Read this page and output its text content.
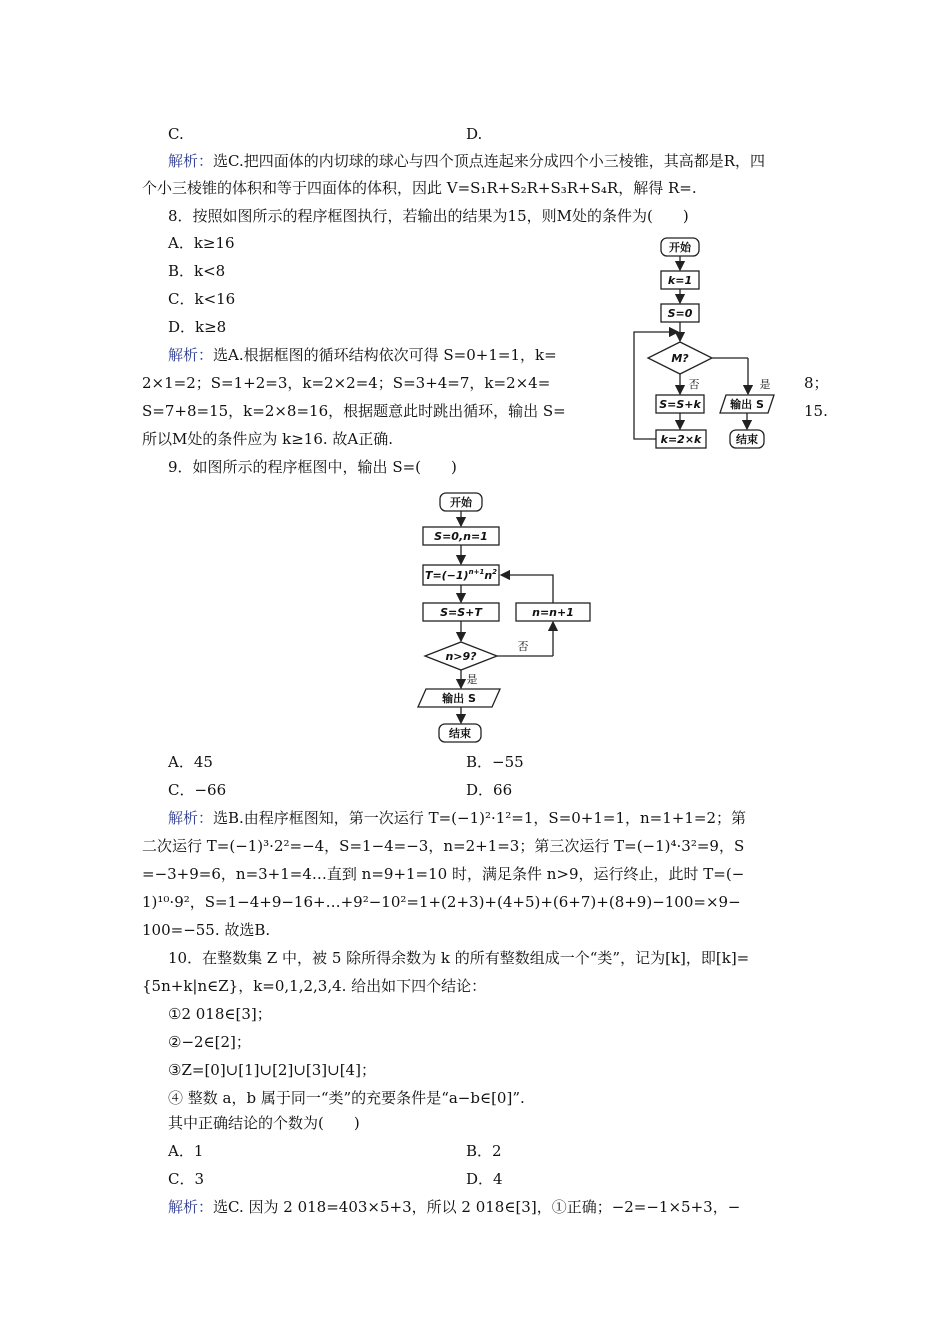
C.	D.
解析：选C.把四面体的内切球的球心与四个顶点连起来分成四个小三棱锥，其高都是R，四
个小三棱锥的体积和等于四面体的体积，因此 V=S₁R+S₂R+S₃R+S₄R，解得 R=.
8．按照如图所示的程序框图执行，若输出的结果为15，则M处的条件为(　　)
A．k≥16
B．k<8
C．k<16
D．k≥8
解析：选A.根据框图的循环结构依次可得 S=0+1=1，k=
2×1=2；S=1+2=3，k=2×2=4；S=3+4=7，k=2×4=	8；
S=7+8=15，k=2×8=16，根据题意此时跳出循环，输出 S=	15.
所以M处的条件应为 k≥16. 故A正确.
开始
k=1
S=0
M?
否	是
S=S+k	输出 S
k=2×k	结束
9．如图所示的程序框图中，输出 S=(　　)
开始
S=0,n=1
$T=(-1)^{n+1}n^2$
S=S+T	n=n+1
n>9?
否
是
输出 S
结束
A．45	B．−55
C．−66	D．66
解析：选B.由程序框图知，第一次运行 T=(−1)²·1²=1，S=0+1=1，n=1+1=2；第
二次运行 T=(−1)³·2²=−4，S=1−4=−3，n=2+1=3；第三次运行 T=(−1)⁴·3²=9，S
=−3+9=6，n=3+1=4…直到 n=9+1=10 时，满足条件 n>9，运行终止，此时 T=(−
1)¹⁰·9²，S=1−4+9−16+…+9²−10²=1+(2+3)+(4+5)+(6+7)+(8+9)−100=×9−
100=−55. 故选B.
10．在整数集 Z 中，被 5 除所得余数为 k 的所有整数组成一个“类”，记为[k]，即[k]=
{5n+k|n∈Z}，k=0,1,2,3,4. 给出如下四个结论：
①2 018∈[3]；
②−2∈[2]；
③Z=[0]∪[1]∪[2]∪[3]∪[4]；
④ 整数 a，b 属于同一“类”的充要条件是“a−b∈[0]”.
其中正确结论的个数为(　　)
A．1	B．2
C．3	D．4
解析：选C. 因为 2 018=403×5+3，所以 2 018∈[3]，①正确；−2=−1×5+3，−
